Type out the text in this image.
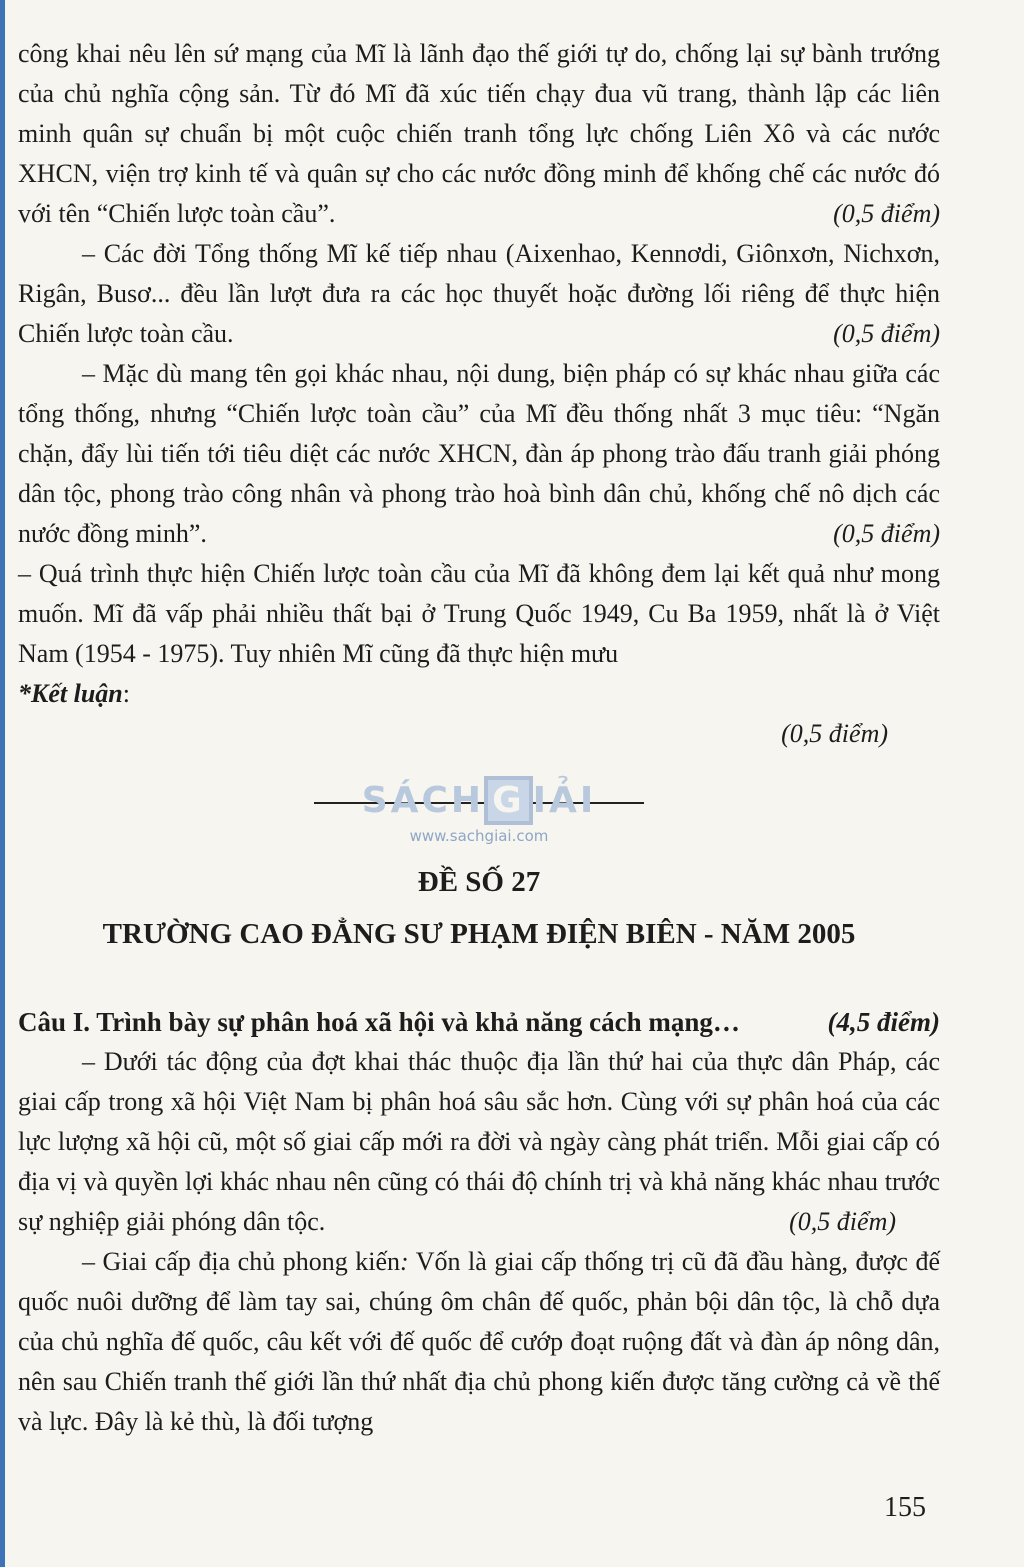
công khai nêu lên sứ mạng của Mĩ là lãnh đạo thế giới tự do, chống lại sự bành trướng của chủ nghĩa cộng sản. Từ đó Mĩ đã xúc tiến chạy đua vũ trang, thành lập các liên minh quân sự chuẩn bị một cuộc chiến tranh tổng lực chống Liên Xô và các nước XHCN, viện trợ kinh tế và quân sự cho các nước đồng minh để khống chế các nước đó với tên “Chiến lược toàn cầu”.	(0,5 điểm)

– Các đời Tổng thống Mĩ kế tiếp nhau (Aixenhao, Kennơdi, Giônxơn, Nichxơn, Rigân, Busơ... đều lần lượt đưa ra các học thuyết hoặc đường lối riêng để thực hiện Chiến lược toàn cầu.	(0,5 điểm)

– Mặc dù mang tên gọi khác nhau, nội dung, biện pháp có sự khác nhau giữa các tổng thống, nhưng “Chiến lược toàn cầu” của Mĩ đều thống nhất 3 mục tiêu: “Ngăn chặn, đẩy lùi tiến tới tiêu diệt các nước XHCN, đàn áp phong trào đấu tranh giải phóng dân tộc, phong trào công nhân và phong trào hoà bình dân chủ, khống chế nô dịch các nước đồng minh”.	(0,5 điểm)

– Quá trình thực hiện Chiến lược toàn cầu của Mĩ đã không đem lại kết quả như mong muốn. Mĩ đã vấp phải nhiều thất bại ở Trung Quốc 1949, Cu Ba 1959, nhất là ở Việt Nam (1954 - 1975). Tuy nhiên Mĩ cũng đã thực hiện mưu

*Kết luận:

(0,5 điểm)

SÁCH G IẢI
www.sachgiai.com
ĐỀ SỐ 27
TRƯỜNG CAO ĐẲNG SƯ PHẠM ĐIỆN BIÊN - NĂM 2005

Câu I. Trình bày sự phân hoá xã hội và khả năng cách mạng…	(4,5 điểm)

– Dưới tác động của đợt khai thác thuộc địa lần thứ hai của thực dân Pháp, các giai cấp trong xã hội Việt Nam bị phân hoá sâu sắc hơn. Cùng với sự phân hoá của các lực lượng xã hội cũ, một số giai cấp mới ra đời và ngày càng phát triển. Mỗi giai cấp có địa vị và quyền lợi khác nhau nên cũng có thái độ chính trị và khả năng khác nhau trước sự nghiệp giải phóng dân tộc.	(0,5 điểm)

– Giai cấp địa chủ phong kiến: Vốn là giai cấp thống trị cũ đã đầu hàng, được đế quốc nuôi dưỡng để làm tay sai, chúng ôm chân đế quốc, phản bội dân tộc, là chỗ dựa của chủ nghĩa đế quốc, câu kết với đế quốc để cướp đoạt ruộng đất và đàn áp nông dân, nên sau Chiến tranh thế giới lần thứ nhất địa chủ phong kiến được tăng cường cả về thế và lực. Đây là kẻ thù, là đối tượng

155
